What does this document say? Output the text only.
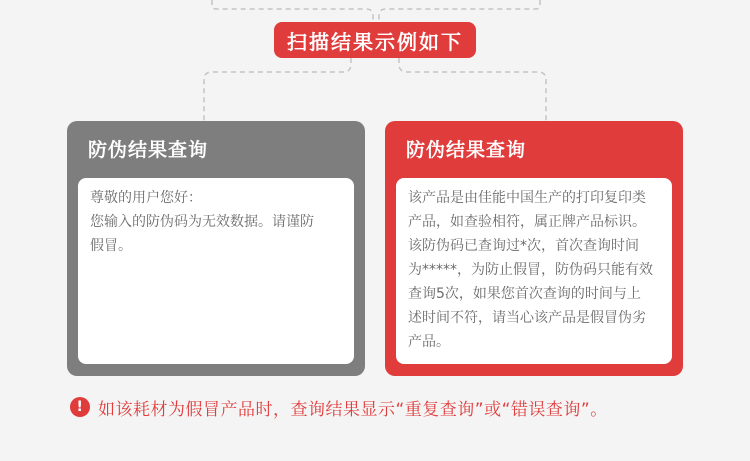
扫描结果示例如下
防伪结果查询
尊敬的用户您好：
您输入的防伪码为无效数据。请谨防
假冒。
防伪结果查询
该产品是由佳能中国生产的打印复印类
产品，如查验相符，属正牌产品标识。
该防伪码已查询过*次，首次查询时间
为*****，为防止假冒，防伪码只能有效
查询5次，如果您首次查询的时间与上
述时间不符，请当心该产品是假冒伪劣
产品。
! 如该耗材为假冒产品时，查询结果显示“重复查询”或“错误查询”。
